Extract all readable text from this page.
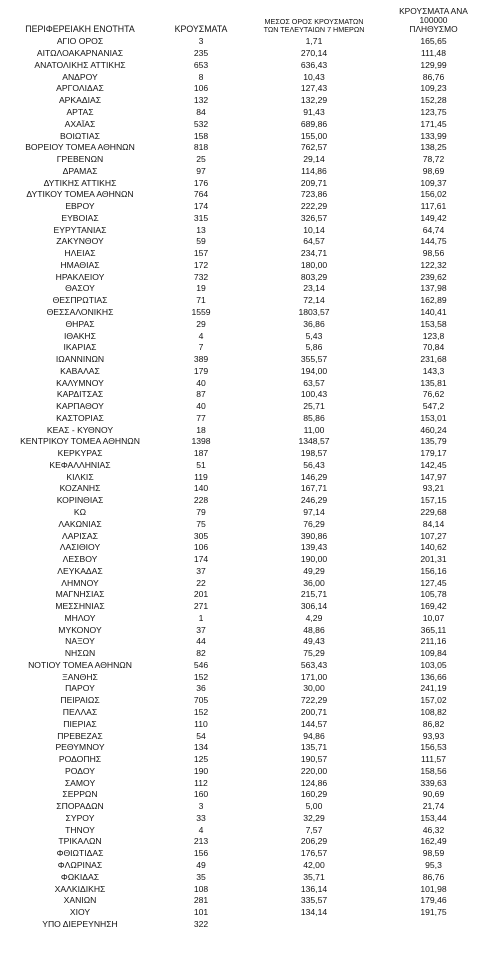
ΠΕΡΙΦΕΡΕΙΑΚΗ ΕΝΟΤΗΤΑ	ΚΡΟΥΣΜΑΤΑ	ΜΕΣΟΣ ΟΡΟΣ ΚΡΟΥΣΜΑΤΩΝ
ΤΩΝ ΤΕΛΕΥΤΑΙΩΝ 7 ΗΜΕΡΩΝ	ΚΡΟΥΣΜΑΤΑ ΑΝΑ 100000
ΠΛΗΘΥΣΜΟ
ΑΓΙΟ ΟΡΟΣ	3	1,71	165,65
ΑΙΤΩΛΟΑΚΑΡΝΑΝΙΑΣ	235	270,14	111,48
ΑΝΑΤΟΛΙΚΗΣ ΑΤΤΙΚΗΣ	653	636,43	129,99
ΑΝΔΡΟΥ	8	10,43	86,76
ΑΡΓΟΛΙΔΑΣ	106	127,43	109,23
ΑΡΚΑΔΙΑΣ	132	132,29	152,28
ΑΡΤΑΣ	84	91,43	123,75
ΑΧΑΪΑΣ	532	689,86	171,45
ΒΟΙΩΤΙΑΣ	158	155,00	133,99
ΒΟΡΕΙΟΥ ΤΟΜΕΑ ΑΘΗΝΩΝ	818	762,57	138,25
ΓΡΕΒΕΝΩΝ	25	29,14	78,72
ΔΡΑΜΑΣ	97	114,86	98,69
ΔΥΤΙΚΗΣ ΑΤΤΙΚΗΣ	176	209,71	109,37
ΔΥΤΙΚΟΥ ΤΟΜΕΑ ΑΘΗΝΩΝ	764	723,86	156,02
ΕΒΡΟΥ	174	222,29	117,61
ΕΥΒΟΙΑΣ	315	326,57	149,42
ΕΥΡΥΤΑΝΙΑΣ	13	10,14	64,74
ΖΑΚΥΝΘΟΥ	59	64,57	144,75
ΗΛΕΙΑΣ	157	234,71	98,56
ΗΜΑΘΙΑΣ	172	180,00	122,32
ΗΡΑΚΛΕΙΟΥ	732	803,29	239,62
ΘΑΣΟΥ	19	23,14	137,98
ΘΕΣΠΡΩΤΙΑΣ	71	72,14	162,89
ΘΕΣΣΑΛΟΝΙΚΗΣ	1559	1803,57	140,41
ΘΗΡΑΣ	29	36,86	153,58
ΙΘΑΚΗΣ	4	5,43	123,8
ΙΚΑΡΙΑΣ	7	5,86	70,84
ΙΩΑΝΝΙΝΩΝ	389	355,57	231,68
ΚΑΒΑΛΑΣ	179	194,00	143,3
ΚΑΛΥΜΝΟΥ	40	63,57	135,81
ΚΑΡΔΙΤΣΑΣ	87	100,43	76,62
ΚΑΡΠΑΘΟΥ	40	25,71	547,2
ΚΑΣΤΟΡΙΑΣ	77	85,86	153,01
ΚΕΑΣ - ΚΥΘΝΟΥ	18	11,00	460,24
ΚΕΝΤΡΙΚΟΥ ΤΟΜΕΑ ΑΘΗΝΩΝ	1398	1348,57	135,79
ΚΕΡΚΥΡΑΣ	187	198,57	179,17
ΚΕΦΑΛΛΗΝΙΑΣ	51	56,43	142,45
ΚΙΛΚΙΣ	119	146,29	147,97
ΚΟΖΑΝΗΣ	140	167,71	93,21
ΚΟΡΙΝΘΙΑΣ	228	246,29	157,15
ΚΩ	79	97,14	229,68
ΛΑΚΩΝΙΑΣ	75	76,29	84,14
ΛΑΡΙΣΑΣ	305	390,86	107,27
ΛΑΣΙΘΙΟΥ	106	139,43	140,62
ΛΕΣΒΟΥ	174	190,00	201,31
ΛΕΥΚΑΔΑΣ	37	49,29	156,16
ΛΗΜΝΟΥ	22	36,00	127,45
ΜΑΓΝΗΣΙΑΣ	201	215,71	105,78
ΜΕΣΣΗΝΙΑΣ	271	306,14	169,42
ΜΗΛΟΥ	1	4,29	10,07
ΜΥΚΟΝΟΥ	37	48,86	365,11
ΝΑΞΟΥ	44	49,43	211,16
ΝΗΣΩΝ	82	75,29	109,84
ΝΟΤΙΟΥ ΤΟΜΕΑ ΑΘΗΝΩΝ	546	563,43	103,05
ΞΑΝΘΗΣ	152	171,00	136,66
ΠΑΡΟΥ	36	30,00	241,19
ΠΕΙΡΑΙΩΣ	705	722,29	157,02
ΠΕΛΛΑΣ	152	200,71	108,82
ΠΙΕΡΙΑΣ	110	144,57	86,82
ΠΡΕΒΕΖΑΣ	54	94,86	93,93
ΡΕΘΥΜΝΟΥ	134	135,71	156,53
ΡΟΔΟΠΗΣ	125	190,57	111,57
ΡΟΔΟΥ	190	220,00	158,56
ΣΑΜΟΥ	112	124,86	339,63
ΣΕΡΡΩΝ	160	160,29	90,69
ΣΠΟΡΑΔΩΝ	3	5,00	21,74
ΣΥΡΟΥ	33	32,29	153,44
ΤΗΝΟΥ	4	7,57	46,32
ΤΡΙΚΑΛΩΝ	213	206,29	162,49
ΦΘΙΩΤΙΔΑΣ	156	176,57	98,59
ΦΛΩΡΙΝΑΣ	49	42,00	95,3
ΦΩΚΙΔΑΣ	35	35,71	86,76
ΧΑΛΚΙΔΙΚΗΣ	108	136,14	101,98
ΧΑΝΙΩΝ	281	335,57	179,46
ΧΙΟΥ	101	134,14	191,75
ΥΠΟ ΔΙΕΡΕΥΝΗΣΗ	322		
